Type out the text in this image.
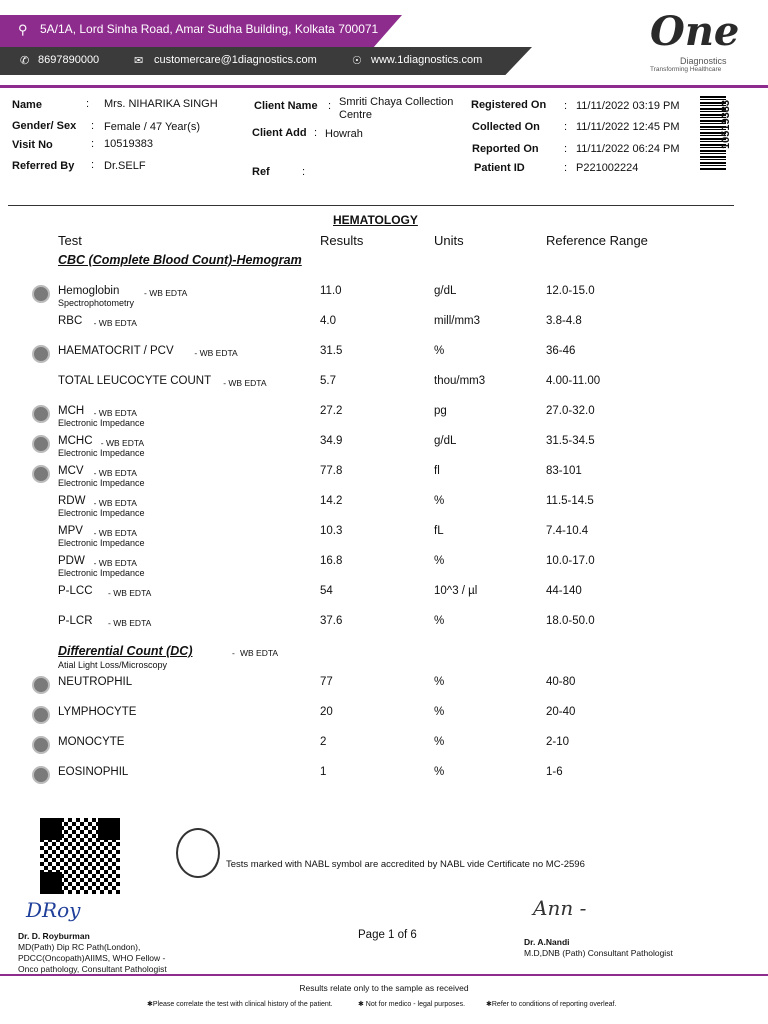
⚲ 5A/1A, Lord Sinha Road, Amar Sudha Building, Kolkata 700071
✆ 8697890000	✉ customercare@1diagnostics.com	☉ www.1diagnostics.com
One
Diagnostics
Transforming Healthcare
Name	: Mrs. NIHARIKA SINGH
Gender/ Sex : Female / 47 Year(s)
Visit No	: 10519383
Referred By : Dr.SELF
Client Name : Smriti Chaya Collection Centre
Client Add : Howrah
Ref	:
Registered On : 11/11/2022 03:19 PM
Collected On : 11/11/2022 12:45 PM
Reported On : 11/11/2022 06:24 PM
Patient ID	: P221002224
10519383
HEMATOLOGY
Test	Results	Units	Reference Range
CBC (Complete Blood Count)-Hemogram
Hemoglobin	- WB EDTA
Spectrophotometry
11.0	g/dL	12.0-15.0
RBC - WB EDTA	4.0	mill/mm3	3.8-4.8
HAEMATOCRIT / PCV - WB EDTA	31.5	%	36-46
TOTAL LEUCOCYTE COUNT - WB EDTA	5.7	thou/mm3	4.00-11.00
MCH - WB EDTA
Electronic Impedance
27.2	pg	27.0-32.0
MCHC - WB EDTA
Electronic Impedance
34.9	g/dL	31.5-34.5
MCV - WB EDTA
Electronic Impedance
77.8	fl	83-101
RDW - WB EDTA
Electronic Impedance
14.2	%	11.5-14.5
MPV - WB EDTA
Electronic Impedance
10.3	fL	7.4-10.4
PDW - WB EDTA
Electronic Impedance
16.8	%	10.0-17.0
P-LCC - WB EDTA	54	10^3 / µl	44-140
P-LCR - WB EDTA	37.6	%	18.0-50.0
Differential Count (DC)	- WB EDTA
Atial Light Loss/Microscopy
NEUTROPHIL	77	%	40-80
LYMPHOCYTE	20	%	20-40
MONOCYTE	2	%	2-10
EOSINOPHIL	1	%	1-6
Tests marked with NABL symbol are accredited by NABL vide Certificate no MC-2596
DRoy
Dr. D. Royburman
MD(Path) Dip RC Path(London),
PDCC(Oncopath)AIIMS, WHO Fellow -
Onco pathology, Consultant Pathologist
Page 1 of 6
Ann -
Dr. A.Nandi
M.D,DNB (Path) Consultant Pathologist
Results relate only to the sample as received
✱Please correlate the test with clinical history of the patient.	✱ Not for medico - legal purposes.	✱Refer to conditions of reporting overleaf.
